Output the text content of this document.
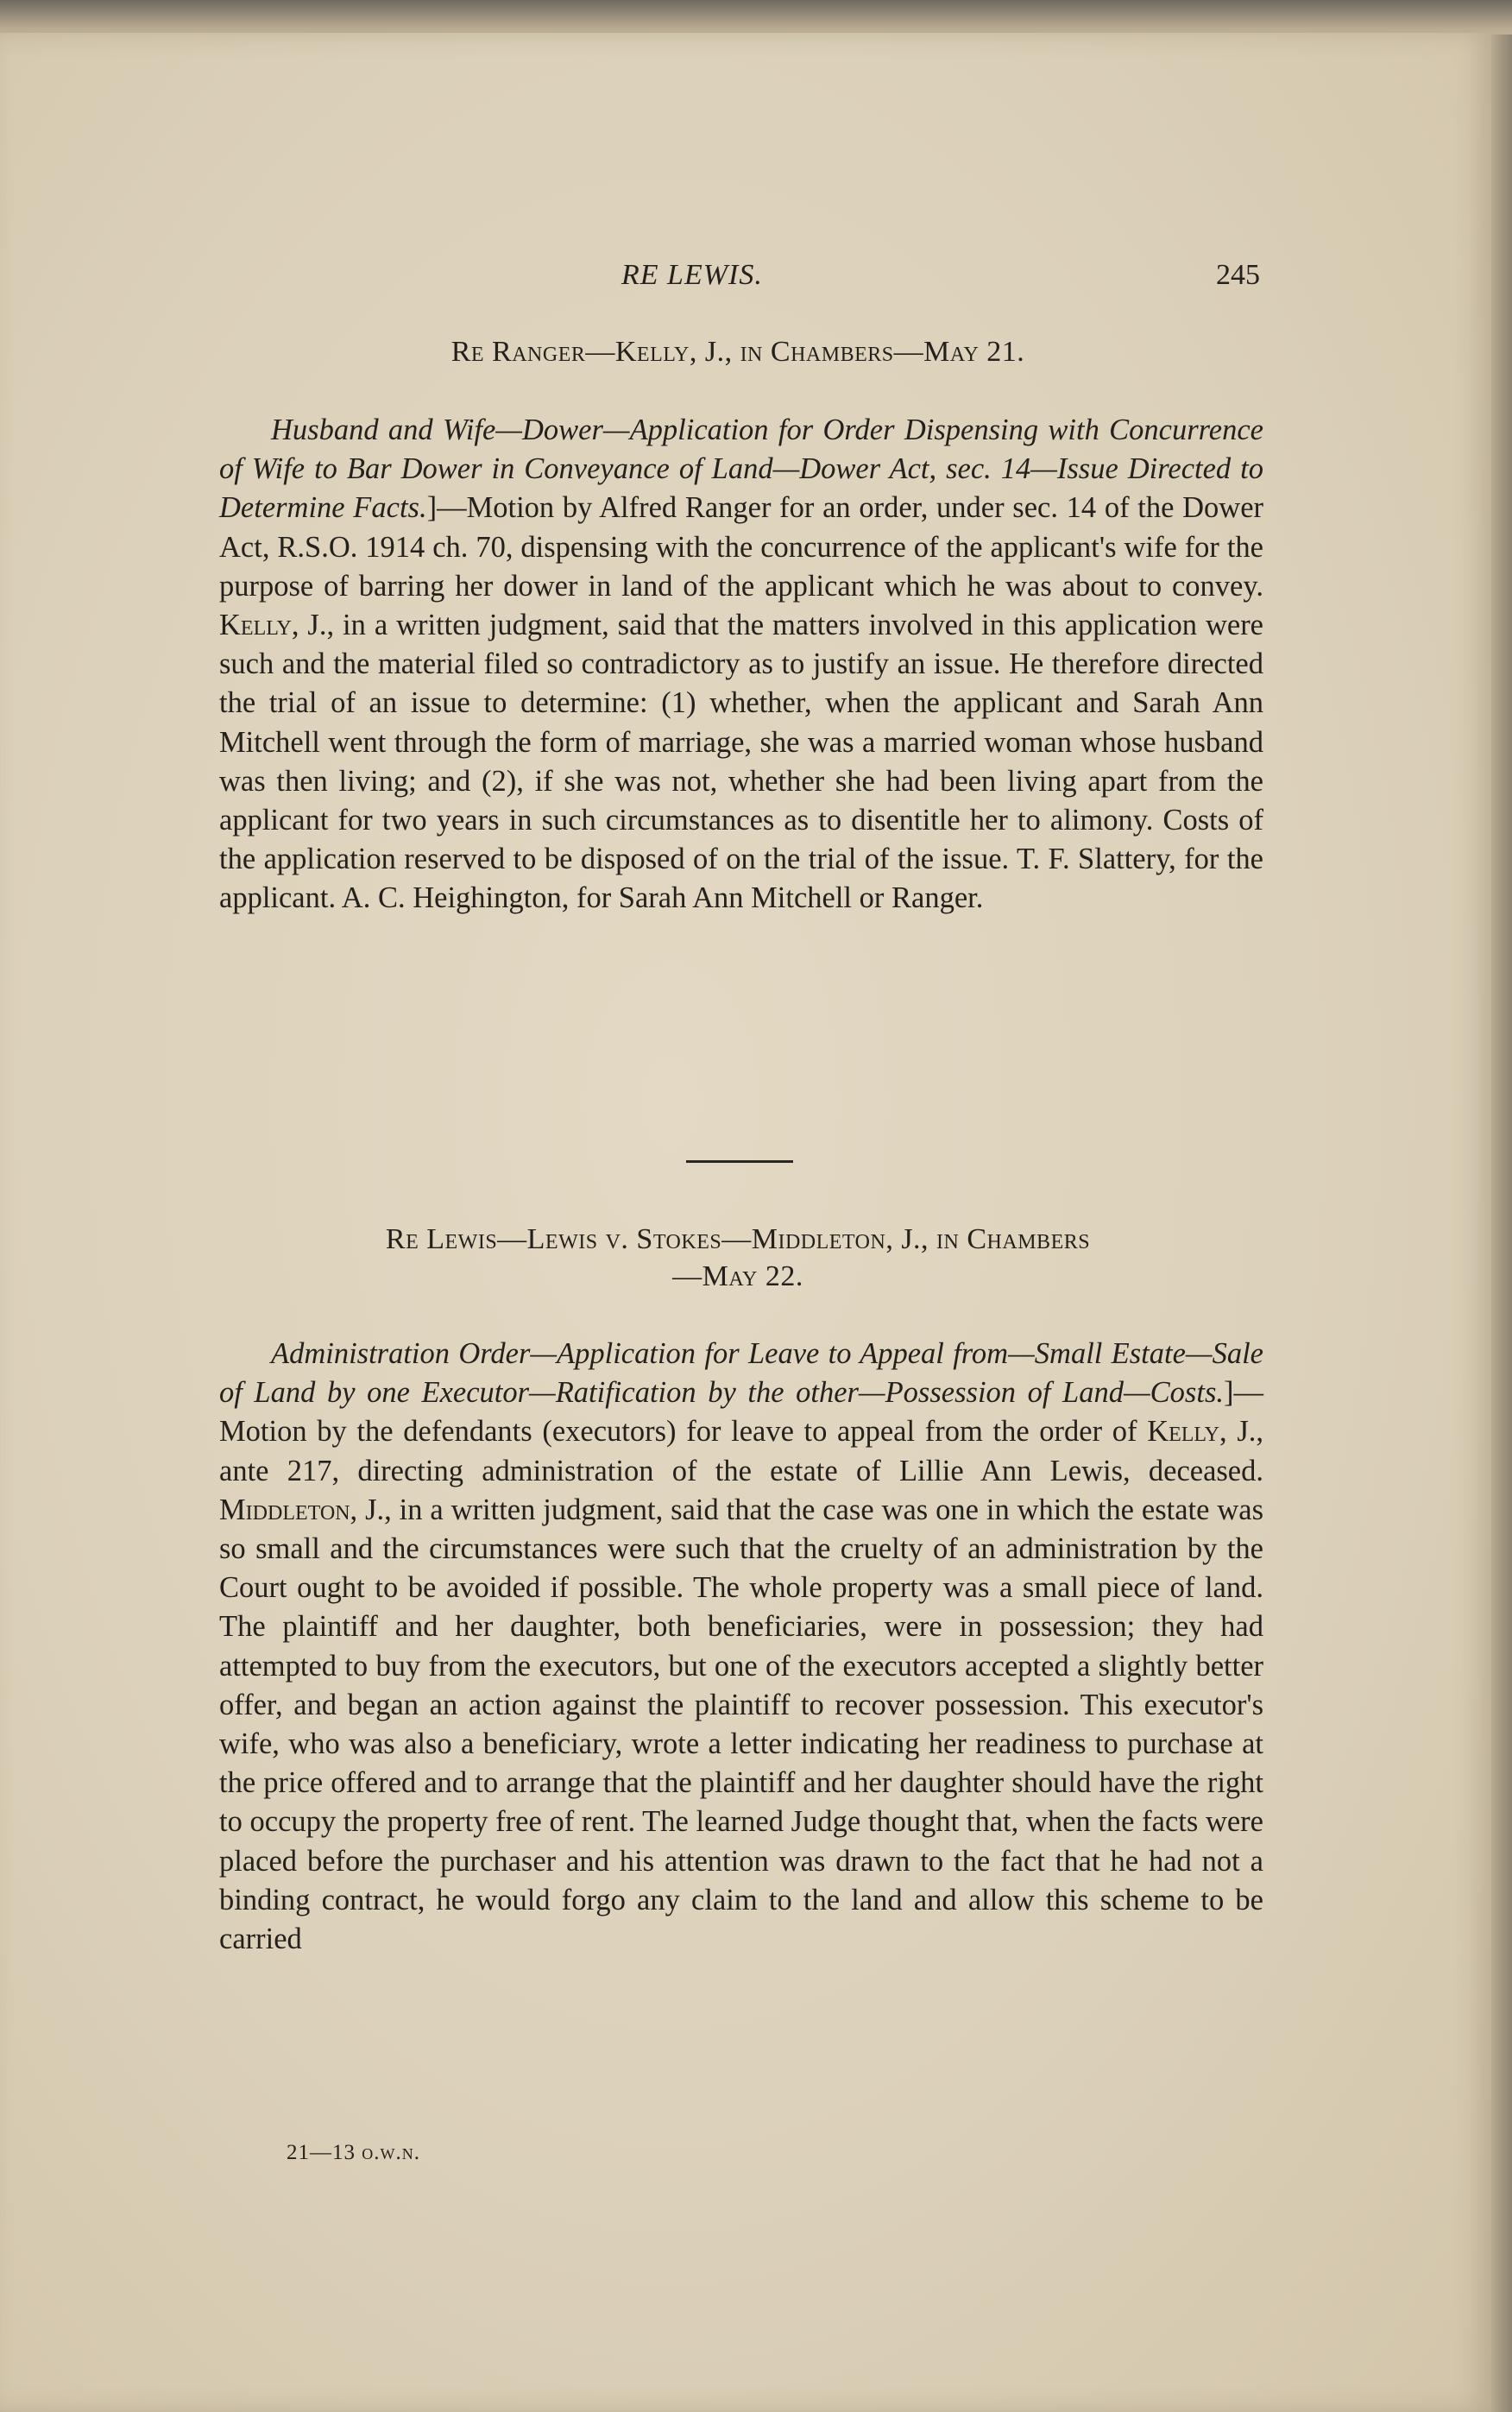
RE LEWIS.	245
Re Ranger—Kelly, J., in Chambers—May 21.

Husband and Wife—Dower—Application for Order Dispensing with Concurrence of Wife to Bar Dower in Conveyance of Land—Dower Act, sec. 14—Issue Directed to Determine Facts.]—Motion by Alfred Ranger for an order, under sec. 14 of the Dower Act, R.S.O. 1914 ch. 70, dispensing with the concurrence of the applicant's wife for the purpose of barring her dower in land of the applicant which he was about to convey. Kelly, J., in a written judgment, said that the matters involved in this application were such and the material filed so contradictory as to justify an issue. He therefore directed the trial of an issue to determine: (1) whether, when the applicant and Sarah Ann Mitchell went through the form of marriage, she was a married woman whose husband was then living; and (2), if she was not, whether she had been living apart from the applicant for two years in such circumstances as to disentitle her to alimony. Costs of the application reserved to be disposed of on the trial of the issue. T. F. Slattery, for the applicant. A. C. Heighington, for Sarah Ann Mitchell or Ranger.

Re Lewis—Lewis v. Stokes—Middleton, J., in Chambers
—May 22.

Administration Order—Application for Leave to Appeal from—Small Estate—Sale of Land by one Executor—Ratification by the other—Possession of Land—Costs.]—Motion by the defendants (executors) for leave to appeal from the order of Kelly, J., ante 217, directing administration of the estate of Lillie Ann Lewis, deceased. Middleton, J., in a written judgment, said that the case was one in which the estate was so small and the circumstances were such that the cruelty of an administration by the Court ought to be avoided if possible. The whole property was a small piece of land. The plaintiff and her daughter, both beneficiaries, were in possession; they had attempted to buy from the executors, but one of the executors accepted a slightly better offer, and began an action against the plaintiff to recover possession. This executor's wife, who was also a beneficiary, wrote a letter indicating her readiness to purchase at the price offered and to arrange that the plaintiff and her daughter should have the right to occupy the property free of rent. The learned Judge thought that, when the facts were placed before the purchaser and his attention was drawn to the fact that he had not a binding contract, he would forgo any claim to the land and allow this scheme to be carried

21—13 o.w.n.
